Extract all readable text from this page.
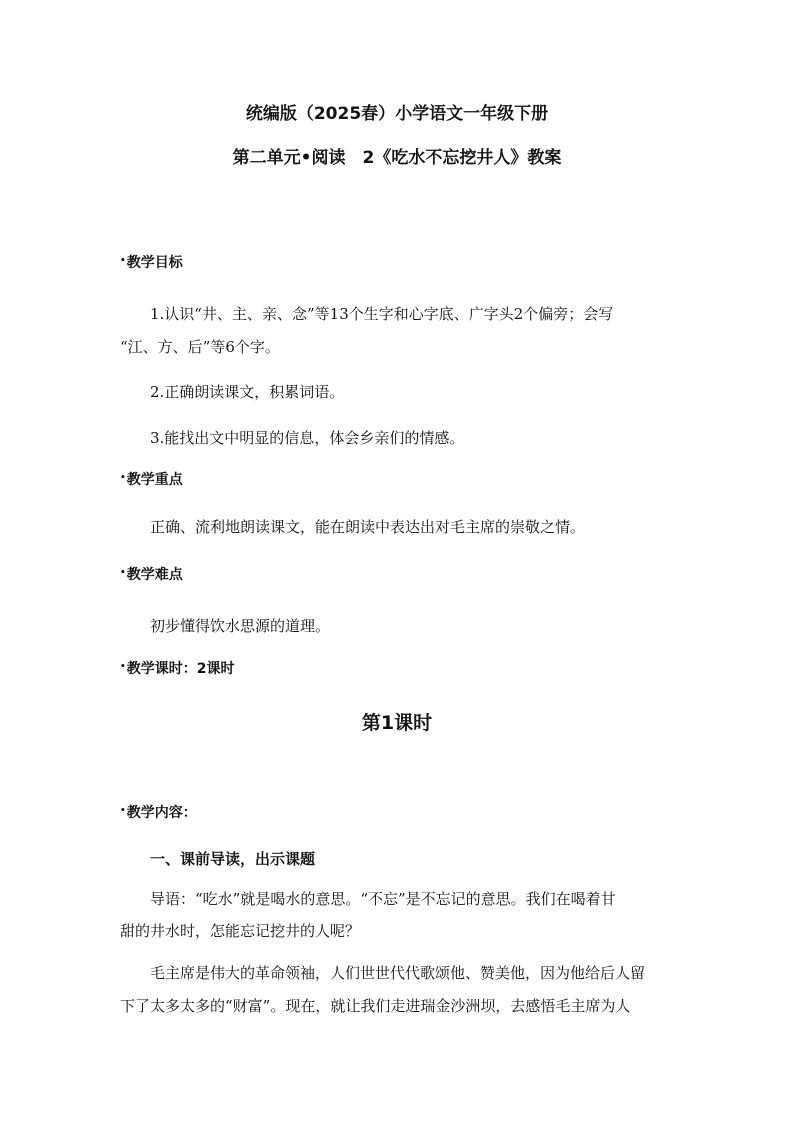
统编版（2025春）小学语文一年级下册
第二单元•阅读　2《吃水不忘挖井人》教案
•教学目标
1.认识“井、主、亲、念”等13个生字和心字底、广字头2个偏旁；会写
“江、方、后”等6个字。
2.正确朗读课文，积累词语。
3.能找出文中明显的信息，体会乡亲们的情感。
•教学重点
正确、流利地朗读课文，能在朗读中表达出对毛主席的崇敬之情。
•教学难点
初步懂得饮水思源的道理。
•教学课时：2课时
第1课时
•教学内容：
一、课前导读，出示课题
导语：“吃水”就是喝水的意思。“不忘”是不忘记的意思。我们在喝着甘
甜的井水时，怎能忘记挖井的人呢？
毛主席是伟大的革命领袖，人们世世代代歌颂他、赞美他，因为他给后人留
下了太多太多的“财富”。现在，就让我们走进瑞金沙洲坝，去感悟毛主席为人
